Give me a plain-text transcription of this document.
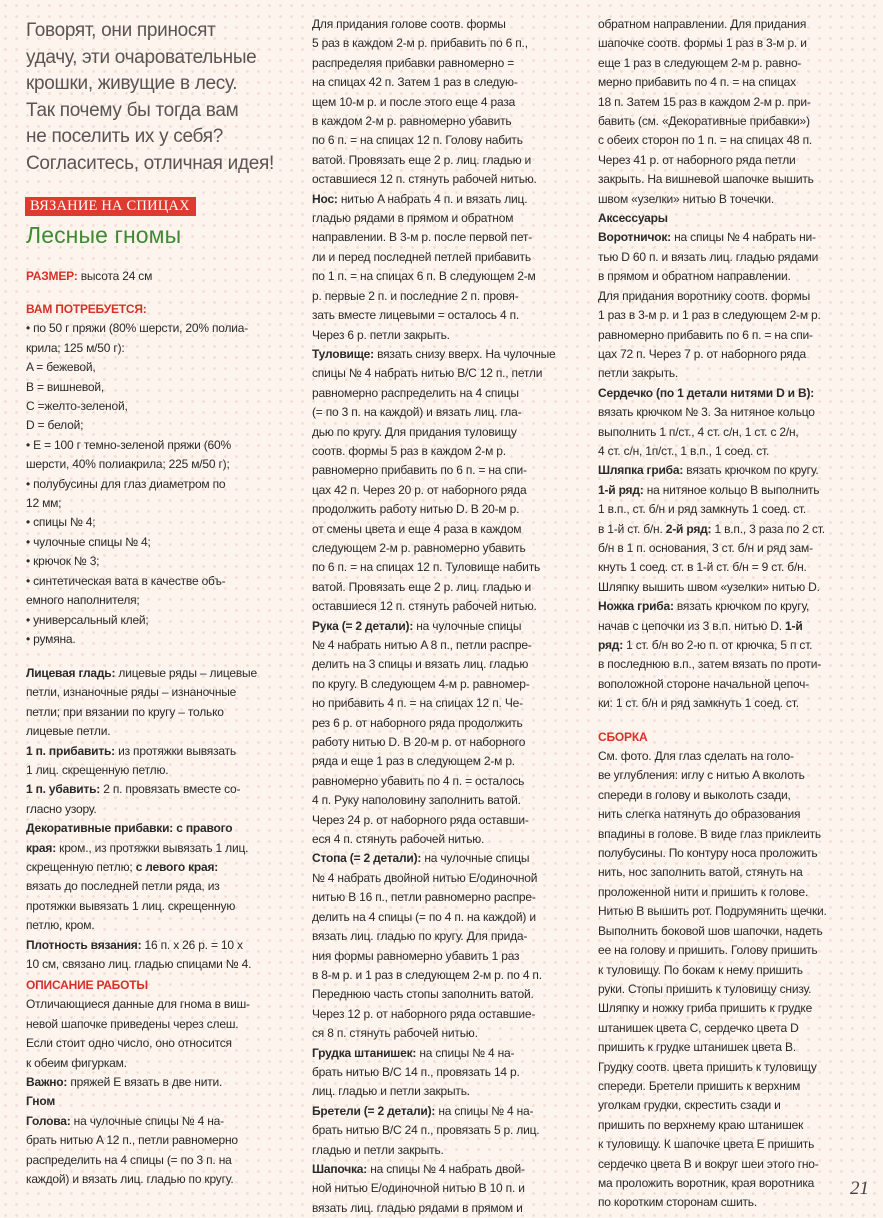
Говорят, они приносят
удачу, эти очаровательные
крошки, живущие в лесу.
Так почему бы тогда вам
не поселить их у себя?
Согласитесь, отличная идея!
ВЯЗАНИЕ НА СПИЦАХ
Лесные гномы
РАЗМЕР: высота 24 см
ВАМ ПОТРЕБУЕТСЯ:
• по 50 г пряжи (80% шерсти, 20% полиа-
крила; 125 м/50 г):
A = бежевой,
B = вишневой,
C =желто-зеленой,
D = белой;
• E = 100 г темно-зеленой пряжи (60%
шерсти, 40% полиакрила; 225 м/50 г);
• полубусины для глаз диаметром по
12 мм;
• спицы № 4;
• чулочные спицы № 4;
• крючок № 3;
• синтетическая вата в качестве объ-
емного наполнителя;
• универсальный клей;
• румяна.
Лицевая гладь: лицевые ряды – лицевые
петли, изнаночные ряды – изнаночные
петли; при вязании по кругу – только
лицевые петли.
1 п. прибавить: из протяжки вывязать
1 лиц. скрещенную петлю.
1 п. убавить: 2 п. провязать вместе со-
гласно узору.
Декоративные прибавки: с правого
края: кром., из протяжки вывязать 1 лиц.
скрещенную петлю; с левого края:
вязать до последней петли ряда, из
протяжки вывязать 1 лиц. скрещенную
петлю, кром.
Плотность вязания: 16 п. х 26 р. = 10 х
10 см, связано лиц. гладью спицами № 4.
ОПИСАНИЕ РАБОТЫ
Отличающиеся данные для гнома в виш-
невой шапочке приведены через слеш.
Если стоит одно число, оно относится
к обеим фигуркам.
Важно: пряжей E вязать в две нити.
Гном
Голова: на чулочные спицы № 4 на-
брать нитью A 12 п., петли равномерно
распределить на 4 спицы (= по 3 п. на
каждой) и вязать лиц. гладью по кругу.
Для придания голове соотв. формы
5 раз в каждом 2-м р. прибавить по 6 п.,
распределяя прибавки равномерно =
на спицах 42 п. Затем 1 раз в следую-
щем 10-м р. и после этого еще 4 раза
в каждом 2-м р. равномерно убавить
по 6 п. = на спицах 12 п. Голову набить
ватой. Провязать еще 2 р. лиц. гладью и
оставшиеся 12 п. стянуть рабочей нитью.
Нос: нитью A набрать 4 п. и вязать лиц.
гладью рядами в прямом и обратном
направлении. В 3-м р. после первой пет-
ли и перед последней петлей прибавить
по 1 п. = на спицах 6 п. В следующем 2-м
р. первые 2 п. и последние 2 п. провя-
зать вместе лицевыми = осталось 4 п.
Через 6 р. петли закрыть.
Туловище: вязать снизу вверх. На чулочные
спицы № 4 набрать нитью B/C 12 п., петли
равномерно распределить на 4 спицы
(= по 3 п. на каждой) и вязать лиц. гла-
дью по кругу. Для придания туловищу
соотв. формы 5 раз в каждом 2-м р.
равномерно прибавить по 6 п. = на спи-
цах 42 п. Через 20 р. от наборного ряда
продолжить работу нитью D. В 20-м р.
от смены цвета и еще 4 раза в каждом
следующем 2-м р. равномерно убавить
по 6 п. = на спицах 12 п. Туловище набить
ватой. Провязать еще 2 р. лиц. гладью и
оставшиеся 12 п. стянуть рабочей нитью.
Рука (= 2 детали): на чулочные спицы
№ 4 набрать нитью A 8 п., петли распре-
делить на 3 спицы и вязать лиц. гладью
по кругу. В следующем 4-м р. равномер-
но прибавить 4 п. = на спицах 12 п. Че-
рез 6 р. от наборного ряда продолжить
работу нитью D. В 20-м р. от наборного
ряда и еще 1 раз в следующем 2-м р.
равномерно убавить по 4 п. = осталось
4 п. Руку наполовину заполнить ватой.
Через 24 р. от наборного ряда оставши-
еся 4 п. стянуть рабочей нитью.
Стопа (= 2 детали): на чулочные спицы
№ 4 набрать двойной нитью E/одиночной
нитью B 16 п., петли равномерно распре-
делить на 4 спицы (= по 4 п. на каждой) и
вязать лиц. гладью по кругу. Для прида-
ния формы равномерно убавить 1 раз
в 8-м р. и 1 раз в следующем 2-м р. по 4 п.
Переднюю часть стопы заполнить ватой.
Через 12 р. от наборного ряда оставшие-
ся 8 п. стянуть рабочей нитью.
Грудка штанишек: на спицы № 4 на-
брать нитью B/C 14 п., провязать 14 р.
лиц. гладью и петли закрыть.
Бретели (= 2 детали): на спицы № 4 на-
брать нитью B/C 24 п., провязать 5 р. лиц.
гладью и петли закрыть.
Шапочка: на спицы № 4 набрать двой-
ной нитью E/одиночной нитью B 10 п. и
вязать лиц. гладью рядами в прямом и
обратном направлении. Для придания
шапочке соотв. формы 1 раз в 3-м р. и
еще 1 раз в следующем 2-м р. равно-
мерно прибавить по 4 п. = на спицах
18 п. Затем 15 раз в каждом 2-м р. при-
бавить (см. «Декоративные прибавки»)
с обеих сторон по 1 п. = на спицах 48 п.
Через 41 р. от наборного ряда петли
закрыть. На вишневой шапочке вышить
швом «узелки» нитью B точечки.
Аксессуары
Воротничок: на спицы № 4 набрать ни-
тью D 60 п. и вязать лиц. гладью рядами
в прямом и обратном направлении.
Для придания воротнику соотв. формы
1 раз в 3-м р. и 1 раз в следующем 2-м р.
равномерно прибавить по 6 п. = на спи-
цах 72 п. Через 7 р. от наборного ряда
петли закрыть.
Сердечко (по 1 детали нитями D и B):
вязать крючком № 3. За нитяное кольцо
выполнить 1 п/ст., 4 ст. с/н, 1 ст. с 2/н,
4 ст. с/н, 1п/ст., 1 в.п., 1 соед. ст.
Шляпка гриба: вязать крючком по кругу.
1-й ряд: на нитяное кольцо B выполнить
1 в.п., ст. б/н и ряд замкнуть 1 соед. ст.
в 1-й ст. б/н. 2-й ряд: 1 в.п., 3 раза по 2 ст.
б/н в 1 п. основания, 3 ст. б/н и ряд зам-
кнуть 1 соед. ст. в 1-й ст. б/н = 9 ст. б/н.
Шляпку вышить швом «узелки» нитью D.
Ножка гриба: вязать крючком по кругу,
начав с цепочки из 3 в.п. нитью D. 1-й
ряд: 1 ст. б/н во 2-ю п. от крючка, 5 п ст.
в последнюю в.п., затем вязать по проти-
воположной стороне начальной цепоч-
ки: 1 ст. б/н и ряд замкнуть 1 соед. ст.
СБОРКА
См. фото. Для глаз сделать на голо-
ве углубления: иглу с нитью A вколоть
спереди в голову и выколоть сзади,
нить слегка натянуть до образования
впадины в голове. В виде глаз приклеить
полубусины. По контуру носа проложить
нить, нос заполнить ватой, стянуть на
проложенной нити и пришить к голове.
Нитью B вышить рот. Подрумянить щечки.
Выполнить боковой шов шапочки, надеть
ее на голову и пришить. Голову пришить
к туловищу. По бокам к нему пришить
руки. Стопы пришить к туловищу снизу.
Шляпку и ножку гриба пришить к грудке
штанишек цвета C, сердечко цвета D
пришить к грудке штанишек цвета B.
Грудку соотв. цвета пришить к туловищу
спереди. Бретели пришить к верхним
уголкам грудки, скрестить сзади и
пришить по верхнему краю штанишек
к туловищу. К шапочке цвета E пришить
сердечко цвета B и вокруг шеи этого гно-
ма проложить воротник, края воротника
по коротким сторонам сшить.
21
